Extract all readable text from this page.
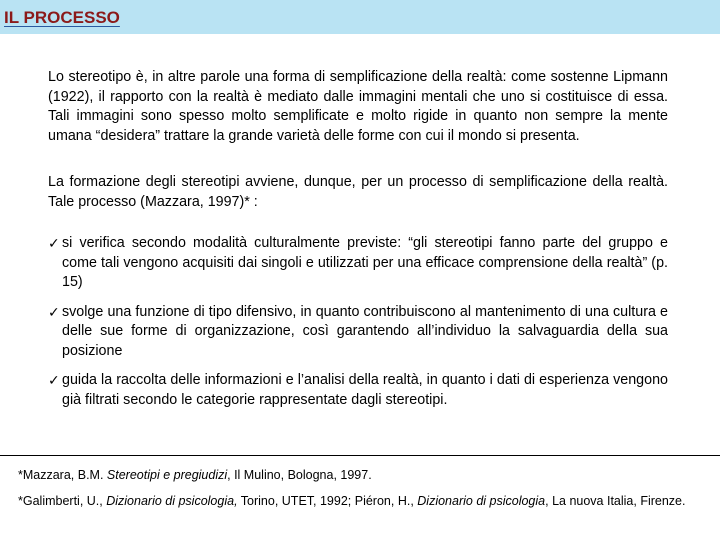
IL PROCESSO
Lo stereotipo è, in altre parole una forma di semplificazione della realtà: come sostenne Lipmann (1922), il rapporto con la realtà è mediato dalle immagini mentali che uno si costituisce di essa. Tali immagini sono spesso molto semplificate e molto rigide in quanto non sempre la mente umana “desidera” trattare la grande varietà delle forme con cui il mondo si presenta.
La formazione degli stereotipi avviene, dunque, per un processo di semplificazione della realtà. Tale processo (Mazzara, 1997)* :
✓ si verifica secondo modalità culturalmente previste: “gli stereotipi fanno parte del gruppo e come tali vengono acquisiti dai singoli e utilizzati per una efficace comprensione della realtà” (p. 15)
✓ svolge una funzione di tipo difensivo, in quanto contribuiscono al mantenimento di una cultura e delle sue forme di organizzazione, così garantendo all’individuo la salvaguardia della sua posizione
✓ guida la raccolta delle informazioni e l’analisi della realtà, in quanto i dati di esperienza vengono già filtrati secondo le categorie rappresentate dagli stereotipi.
*Mazzara, B.M. Stereotipi e pregiudizi, Il Mulino, Bologna, 1997.
*Galimberti, U., Dizionario di psicologia, Torino, UTET, 1992; Piéron, H., Dizionario di psicologia, La nuova Italia, Firenze.
